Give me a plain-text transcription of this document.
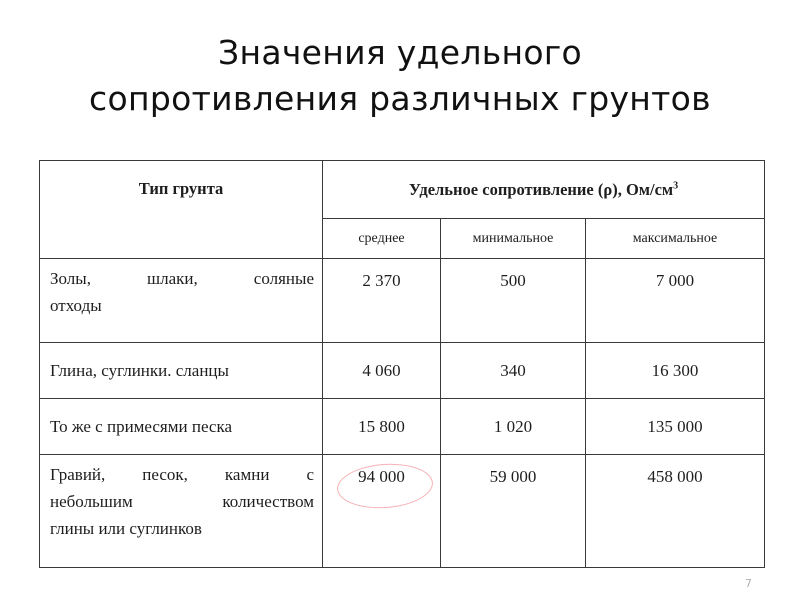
Значения удельного
сопротивления различных грунтов
Тип грунта	Удельное сопротивление (ρ), $Ом/см^3$
	среднее	минимальное	максимальное

Золы, шлаки, соляные
отходы	2 370	500	7 000
Глина, суглинки. сланцы	4 060	340	16 300
То же с примесями песка	15 800	1 020	135 000

Гравий, песок, камни с
небольшим количеством
глины или суглинков	94 000	59 000	458 000
7
